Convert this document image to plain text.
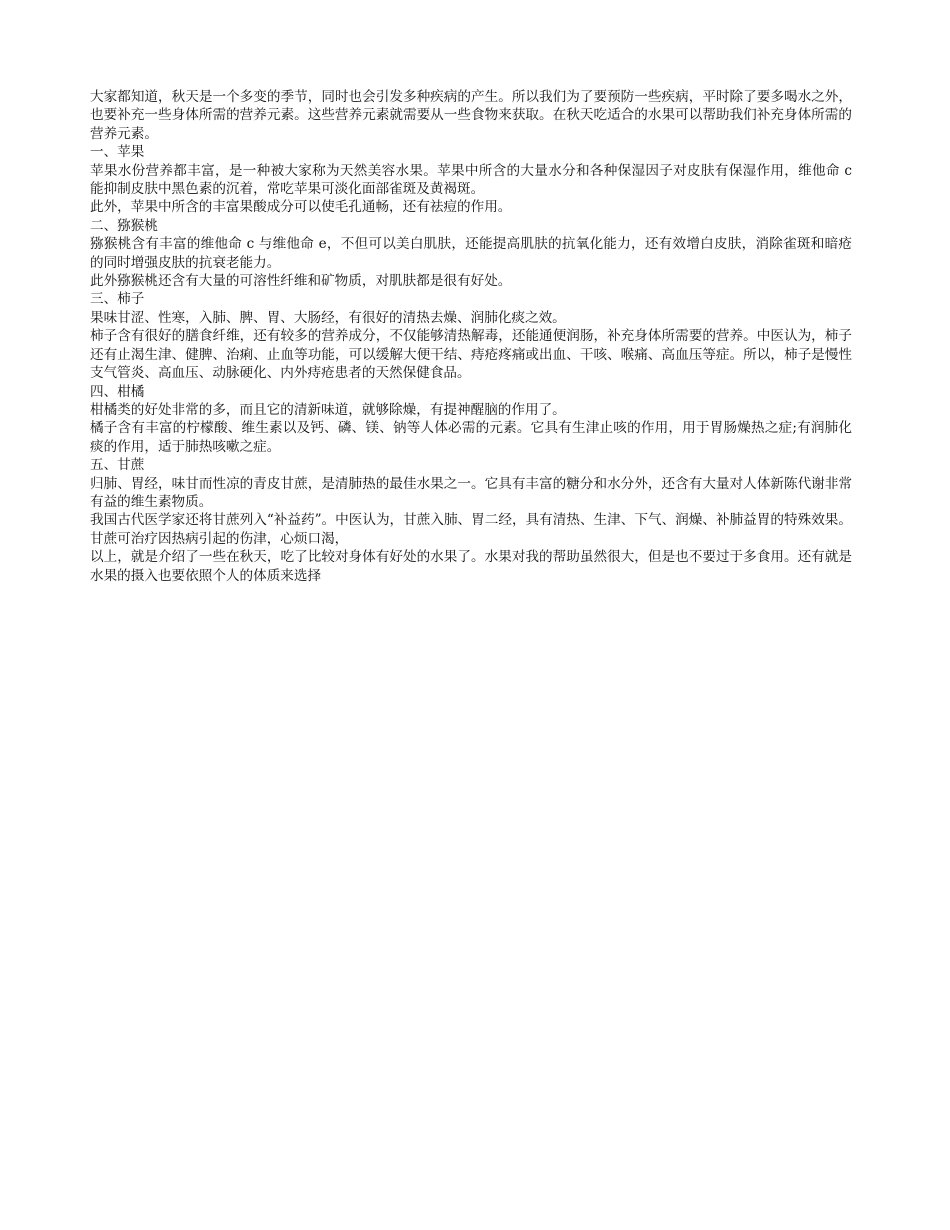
大家都知道，秋天是一个多变的季节，同时也会引发多种疾病的产生。所以我们为了要预防一些疾病，平时除了要多喝水之外，也要补充一些身体所需的营养元素。这些营养元素就需要从一些食物来获取。在秋天吃适合的水果可以帮助我们补充身体所需的营养元素。

一、苹果

苹果水份营养都丰富，是一种被大家称为天然美容水果。苹果中所含的大量水分和各种保湿因子对皮肤有保湿作用，维他命 c 能抑制皮肤中黑色素的沉着，常吃苹果可淡化面部雀斑及黄褐斑。

此外，苹果中所含的丰富果酸成分可以使毛孔通畅，还有祛痘的作用。

二、猕猴桃

猕猴桃含有丰富的维他命 c 与维他命 e，不但可以美白肌肤，还能提高肌肤的抗氧化能力，还有效增白皮肤，消除雀斑和暗疮的同时增强皮肤的抗衰老能力。

此外猕猴桃还含有大量的可溶性纤维和矿物质，对肌肤都是很有好处。

三、柿子

果味甘涩、性寒，入肺、脾、胃、大肠经，有很好的清热去燥、润肺化痰之效。

柿子含有很好的膳食纤维，还有较多的营养成分，不仅能够清热解毒，还能通便润肠，补充身体所需要的营养。中医认为，柿子还有止渴生津、健脾、治痢、止血等功能，可以缓解大便干结、痔疮疼痛或出血、干咳、喉痛、高血压等症。所以，柿子是慢性支气管炎、高血压、动脉硬化、内外痔疮患者的天然保健食品。

四、柑橘

柑橘类的好处非常的多，而且它的清新味道，就够除燥，有提神醒脑的作用了。

橘子含有丰富的柠檬酸、维生素以及钙、磷、镁、钠等人体必需的元素。它具有生津止咳的作用，用于胃肠燥热之症;有润肺化痰的作用，适于肺热咳嗽之症。

五、甘蔗

归肺、胃经，味甘而性凉的青皮甘蔗，是清肺热的最佳水果之一。它具有丰富的糖分和水分外，还含有大量对人体新陈代谢非常有益的维生素物质。

我国古代医学家还将甘蔗列入“补益药”。中医认为，甘蔗入肺、胃二经，具有清热、生津、下气、润燥、补肺益胃的特殊效果。甘蔗可治疗因热病引起的伤津，心烦口渴，

以上，就是介绍了一些在秋天，吃了比较对身体有好处的水果了。水果对我的帮助虽然很大，但是也不要过于多食用。还有就是水果的摄入也要依照个人的体质来选择
